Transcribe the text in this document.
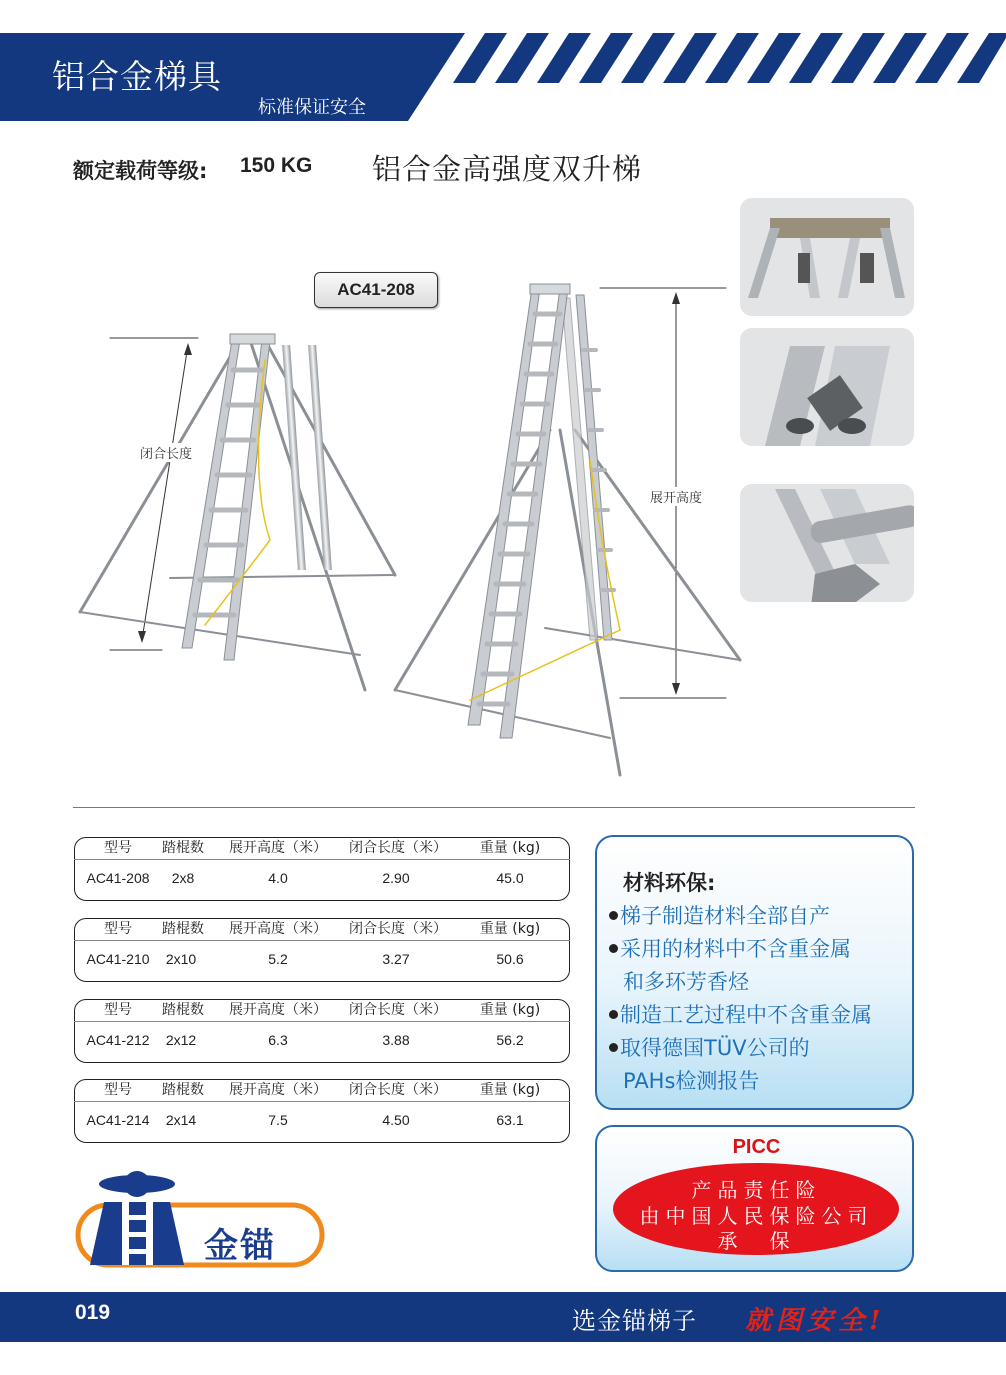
铝合金梯具
标准保证安全
额定载荷等级: 150 KG 铝合金高强度双升梯
AC41-208
闭合长度
展开高度
型号 踏棍数 展开高度（米） 闭合长度（米） 重量 (kg)
AC41-208 2x8	4.0	2.90	45.0
型号 踏棍数 展开高度（米） 闭合长度（米） 重量 (kg)
AC41-210 2x10	5.2	3.27	50.6
型号 踏棍数 展开高度（米） 闭合长度（米） 重量 (kg)
AC41-212 2x12	6.3	3.88	56.2
型号 踏棍数 展开高度（米） 闭合长度（米） 重量 (kg)
AC41-214 2x14	7.5	4.50	63.1
材料环保:
梯子制造材料全部自产
采用的材料中不含重金属
和多环芳香烃
制造工艺过程中不含重金属
取得德国TÜV公司的
PAHs检测报告
PICC
产品责任险
由中国人民保险公司
承　保
金锚
019	选金锚梯子 就图安全!
